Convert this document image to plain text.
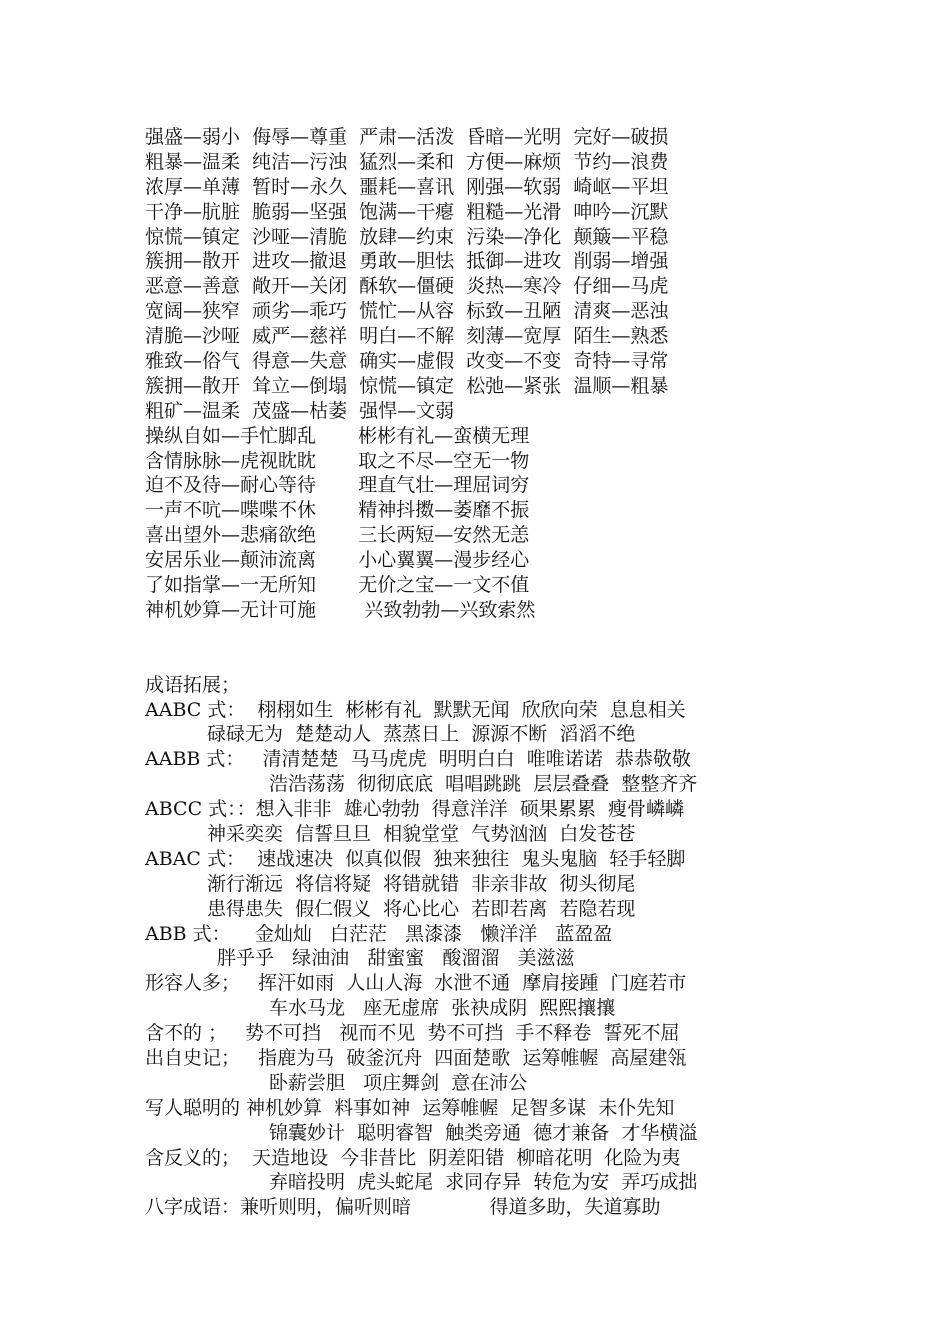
强盛—弱小  侮辱—尊重  严肃—活泼  昏暗—光明  完好—破损
粗暴—温柔  纯洁—污浊  猛烈—柔和  方便—麻烦  节约—浪费
浓厚—单薄  暂时—永久  噩耗—喜讯  刚强—软弱  崎岖—平坦
干净—肮脏  脆弱—坚强  饱满—干瘪  粗糙—光滑  呻吟—沉默
惊慌—镇定  沙哑—清脆  放肆—约束  污染—净化  颠簸—平稳
簇拥—散开  进攻—撤退  勇敢—胆怯  抵御—进攻  削弱—增强
恶意—善意  敞开—关闭  酥软—僵硬  炎热—寒冷  仔细—马虎
宽阔—狭窄  顽劣—乖巧  慌忙—从容  标致—丑陋  清爽—恶浊
清脆—沙哑  威严—慈祥  明白—不解  刻薄—宽厚  陌生—熟悉
雅致—俗气  得意—失意  确实—虚假  改变—不变  奇特—寻常
簇拥—散开  耸立—倒塌  惊慌—镇定  松弛—紧张  温顺—粗暴
粗矿—温柔  茂盛—枯萎  强悍—文弱
操纵自如—手忙脚乱       彬彬有礼—蛮横无理
含情脉脉—虎视眈眈       取之不尽—空无一物
迫不及待—耐心等待       理直气壮—理屈词穷
一声不吭—喋喋不休       精神抖擞—萎靡不振
喜出望外—悲痛欲绝       三长两短—安然无恙
安居乐业—颠沛流离       小心翼翼—漫步经心
了如指掌—一无所知       无价之宝—一文不值
神机妙算—无计可施        兴致勃勃—兴致索然
成语拓展；
AABC 式：  栩栩如生  彬彬有礼  默默无闻  欣欣向荣  息息相关
碌碌无为  楚楚动人  蒸蒸日上  源源不断  滔滔不绝
AABB 式：   清清楚楚  马马虎虎  明明白白  唯唯诺诺  恭恭敬敬
浩浩荡荡  彻彻底底  唱唱跳跳  层层叠叠  整整齐齐
ABCC 式：：想入非非  雄心勃勃  得意洋洋  硕果累累  瘦骨嶙嶙
神采奕奕  信誓旦旦  相貌堂堂  气势汹汹  白发苍苍
ABAC 式：  速战速决  似真似假  独来独往  鬼头鬼脑  轻手轻脚
渐行渐远  将信将疑  将错就错  非亲非故  彻头彻尾
患得患失  假仁假义  将心比心  若即若离  若隐若现
ABB 式：    金灿灿   白茫茫   黑漆漆   懒洋洋   蓝盈盈
胖乎乎   绿油油   甜蜜蜜   酸溜溜   美滋滋
形容人多；   挥汗如雨  人山人海  水泄不通  摩肩接踵  门庭若市
车水马龙   座无虚席  张袂成阴  熙熙攘攘
含不的 ；   势不可挡   视而不见  势不可挡  手不释卷  誓死不屈
出自史记；   指鹿为马  破釜沉舟  四面楚歌  运筹帷幄  高屋建瓴
卧薪尝胆   项庄舞剑  意在沛公
写人聪明的 神机妙算  料事如神  运筹帷幄  足智多谋  未仆先知
锦囊妙计  聪明睿智  触类旁通  德才兼备  才华横溢
含反义的；  天造地设  今非昔比  阴差阳错  柳暗花明  化险为夷
弃暗投明  虎头蛇尾  求同存异  转危为安  弄巧成拙
八字成语：兼听则明，偏听则暗             得道多助，失道寡助
